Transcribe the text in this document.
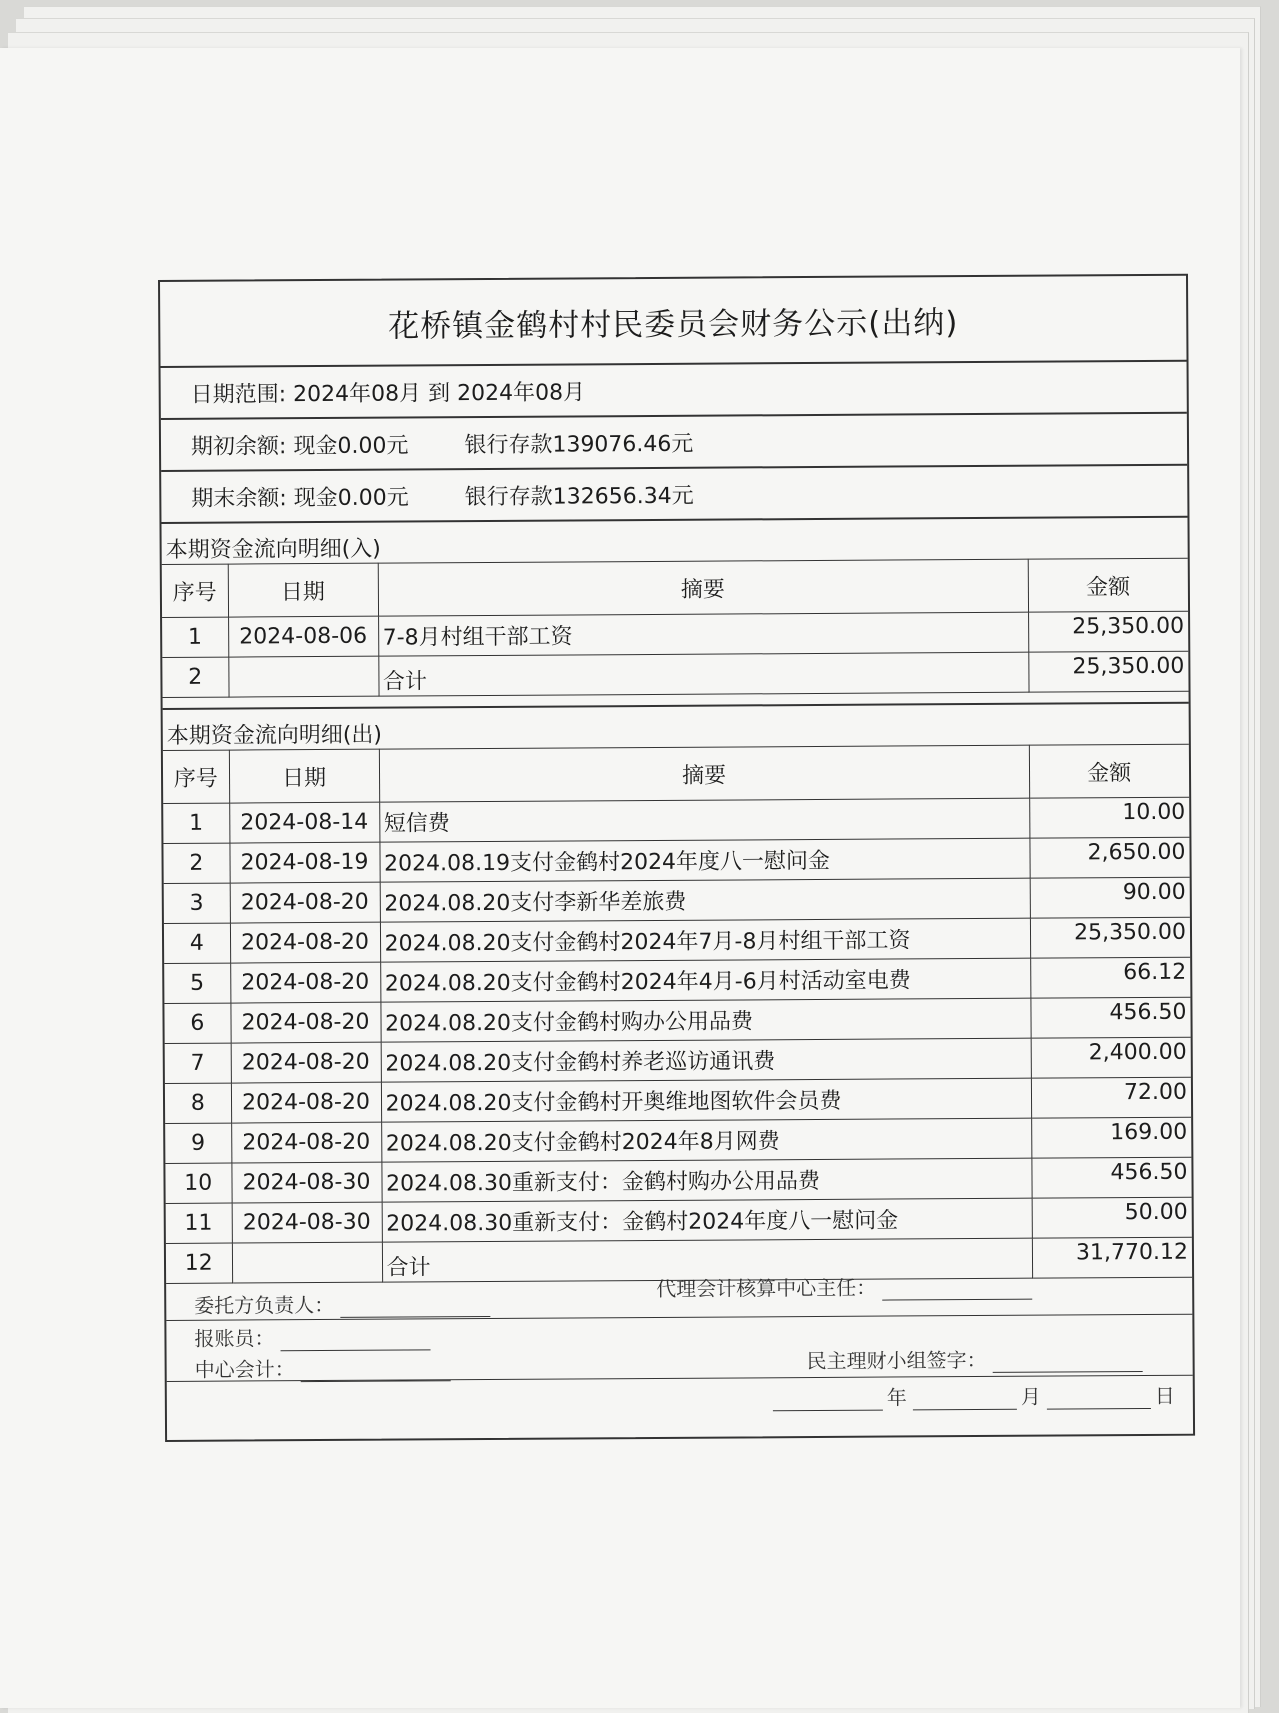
花桥镇金鹤村村民委员会财务公示(出纳)
日期范围: 2024年08月 到 2024年08月
期初余额: 现金0.00元	银行存款139076.46元
期末余额: 现金0.00元	银行存款132656.34元
本期资金流向明细(入)
序号	日期	摘要	金额
1	2024-08-06	7-8月村组干部工资	25,350.00
2		合计	25,350.00
本期资金流向明细(出)
序号	日期	摘要	金额
1	2024-08-14	短信费	10.00
2	2024-08-19	2024.08.19支付金鹤村2024年度八一慰问金	2,650.00
3	2024-08-20	2024.08.20支付李新华差旅费	90.00
4	2024-08-20	2024.08.20支付金鹤村2024年7月-8月村组干部工资	25,350.00
5	2024-08-20	2024.08.20支付金鹤村2024年4月-6月村活动室电费	66.12
6	2024-08-20	2024.08.20支付金鹤村购办公用品费	456.50
7	2024-08-20	2024.08.20支付金鹤村养老巡访通讯费	2,400.00
8	2024-08-20	2024.08.20支付金鹤村开奥维地图软件会员费	72.00
9	2024-08-20	2024.08.20支付金鹤村2024年8月网费	169.00
10	2024-08-30	2024.08.30重新支付：金鹤村购办公用品费	456.50
11	2024-08-30	2024.08.30重新支付：金鹤村2024年度八一慰问金	50.00
12		合计	31,770.12
委托方负责人：
代理会计核算中心主任：
报账员：
民主理财小组签字：
中心会计：
年	月	日
